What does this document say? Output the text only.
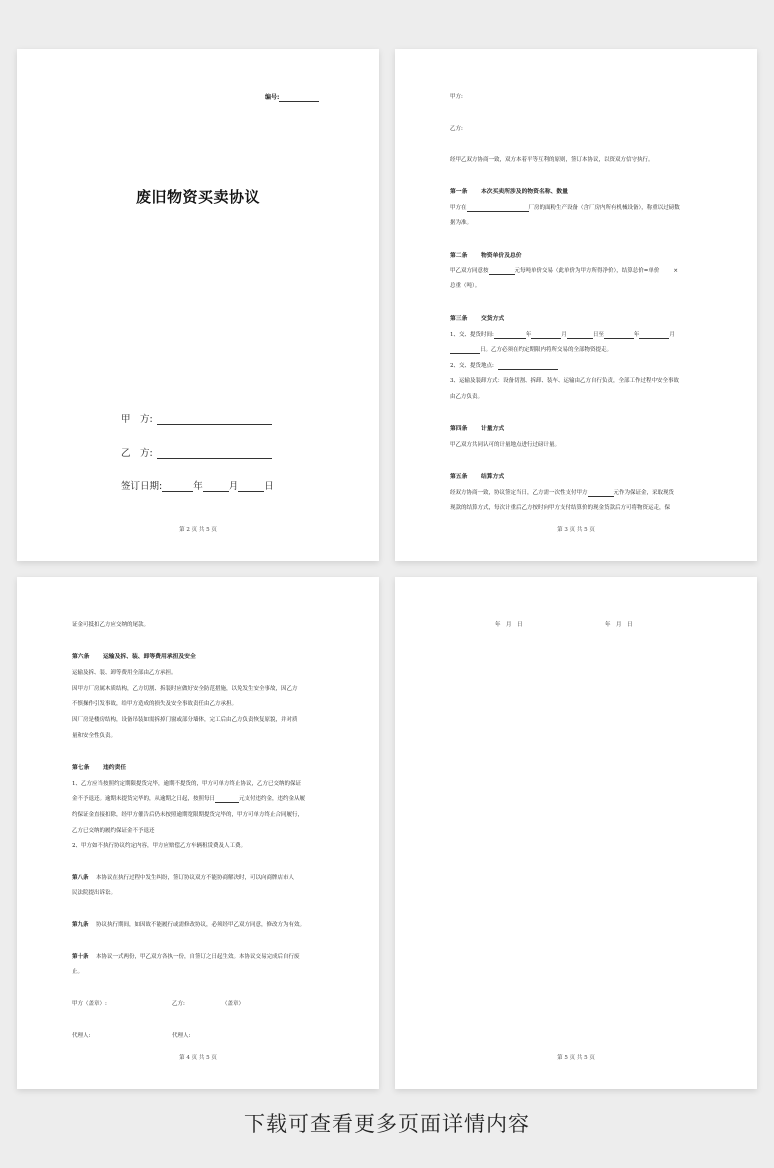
编号:
废旧物资买卖协议
甲　方:
乙　方:
签订日期:	年	月	日
第 2 页 共 5 页
甲方:
乙方:
经甲乙双方协商一致，双方本着平等互利的原则，签订本协议，以资双方信守执行。
第一条 本次买卖所涉及的物资名称、数量
甲方在	厂房的面粉生产设备（含厂房内所有机械设备），称重以过磅数
据为准。
第二条 物资单价及总价
甲乙双方同意按	元每吨单价交易（此单价为甲方所得净价），结算总价=单价	×
总重（吨）。
第三条 交货方式
1、交、提货时间:	年	月	日至	年	月
日。乙方必须在约定期限内将所交易的全部物资提走。
2、交、提货地点:
3、运输及装卸方式：设备切割、拆卸、装车、运输由乙方自行负责，全部工作过程中安全事故
由乙方负责。
第四条 计量方式
甲乙双方共同认可的计量地点进行过磅计量。
第五条 结算方式
经双方协商一致，协议签定当日，乙方需一次性支付甲方	元作为保证金，采取现货
现款的结算方式，每次计重后乙方按时向甲方支付结算价的现金货款后方可将物资运走，保
第 3 页 共 5 页
证金可抵扣乙方应交纳的尾款。
第六条 运输及拆、装、卸等费用承担及安全
运输及拆、装、卸等费用全部由乙方承担。
因甲方厂房属木质结构，乙方切割、拆装时应做好安全防范措施，以免发生安全事故，因乙方
不慎操作引发事故，给甲方造成的损失及安全事故责任由乙方承担。
因厂房是楼房结构，设备吊装如需拆掉门窗或部分墙体，完工后由乙方负责恢复原貌，并对质
量和安全性负责。
第七条 违约责任
1、乙方应当按照约定期限提货完毕，逾期不提货的，甲方可单方终止协议，乙方已交纳的保证
金不予退还。逾期未提货完毕的，从逾期之日起，按照每日	元支付违约金，违约金从履
约保证金直接扣除，经甲方催告后仍未按照逾期宽限期提货完毕的，甲方可单方终止合同履行，
乙方已交纳的履约保证金不予退还
2、甲方如不执行协议约定内容，甲方应赔偿乙方车辆租赁费及人工费。
第八条 本协议在执行过程中发生纠纷，签订协议双方不能协商解决时，可以向商牌店市人
民法院提出诉讼。
第九条 协议执行期间，如因故不能履行或需修改协议，必须经甲乙双方同意，修改方为有效。
第十条 本协议一式两份，甲乙双方各执一份，自签订之日起生效。本协议交易完成后自行废
止。
甲方（盖章）:	乙方:	（盖章）
代理人:	代理人:
第 4 页 共 5 页
年　月　日	年　月　日
第 5 页 共 5 页
下载可查看更多页面详情内容
